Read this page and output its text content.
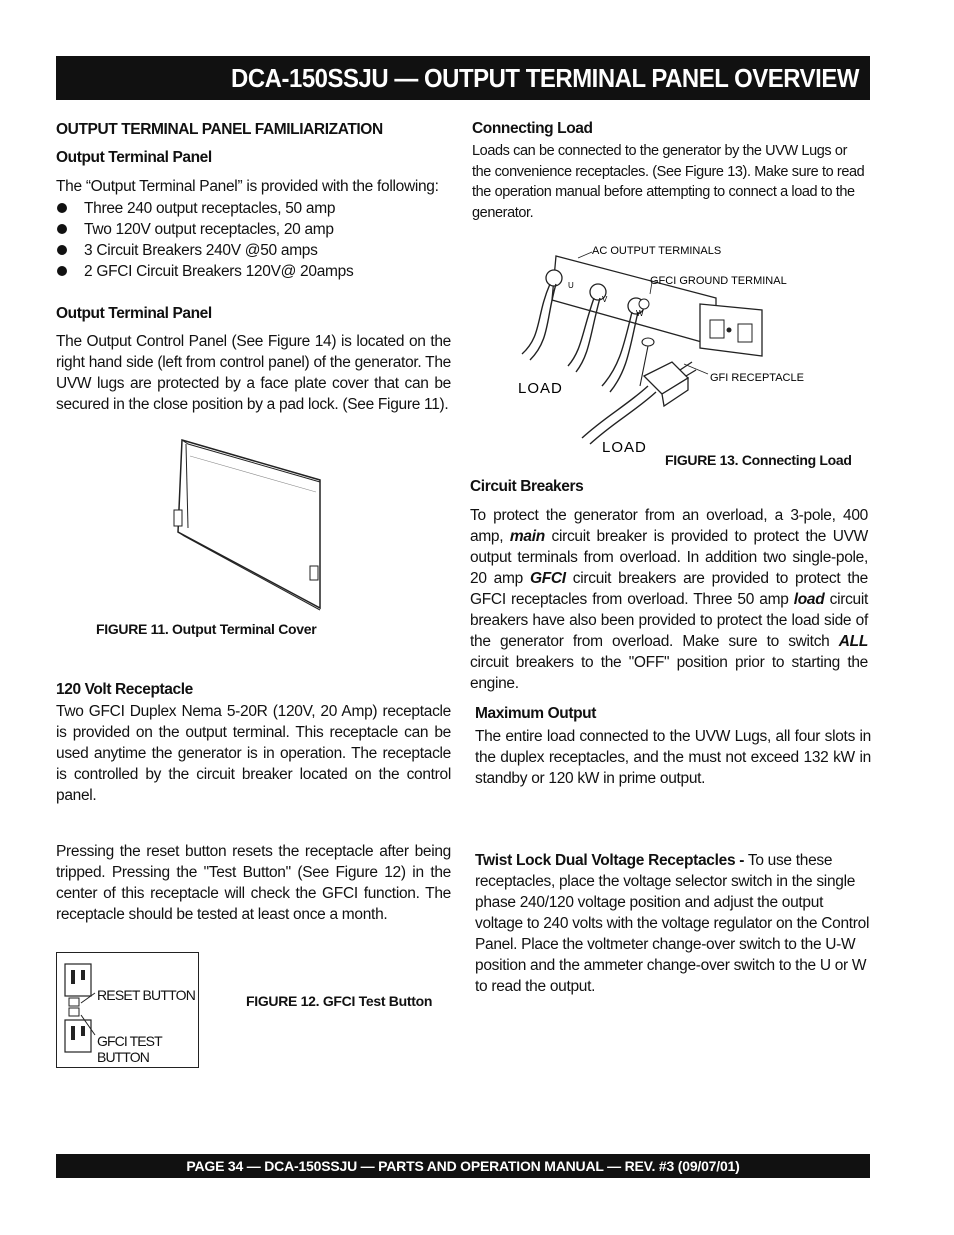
DCA-150SSJU — OUTPUT TERMINAL PANEL OVERVIEW
OUTPUT TERMINAL PANEL FAMILIARIZATION
Output Terminal Panel
The “Output Terminal Panel” is provided with the following:
Three 240 output receptacles, 50 amp
Two 120V output receptacles, 20 amp
3 Circuit Breakers 240V @50 amps
2 GFCI Circuit Breakers 120V@ 20amps
Output Terminal Panel

The Output Control Panel (See Figure 14) is located on the right hand side (left from control panel) of the generator. The UVW lugs are protected by a face plate cover that can be secured in the close position by a pad lock. (See Figure 11).

FIGURE 11. Output Terminal Cover
120 Volt Receptacle

Two GFCI Duplex Nema 5-20R (120V, 20 Amp) receptacle is provided on the output terminal. This receptacle can be used anytime the generator is in operation. The receptacle is controlled by the circuit breaker located on the control panel.

Pressing the reset button resets the receptacle after being tripped. Pressing the "Test Button" (See Figure 12) in the center of this receptacle will check the GFCI function. The receptacle should be tested at least once a month.

RESET BUTTON
GFCI TEST BUTTON
FIGURE 12. GFCI Test Button
Connecting Load

Loads can be connected to the generator by the UVW Lugs or the convenience receptacles. (See Figure 13). Make sure to read the operation manual before attempting to connect a load to the generator.

AC OUTPUT TERMINALS
GFCI GROUND TERMINAL
GFI RECEPTACLE
LOAD
LOAD
U
V
W
FIGURE 13. Connecting Load
Circuit Breakers

To protect the generator from an overload, a 3-pole, 400 amp, main circuit breaker is provided to protect the UVW output terminals from overload. In addition two single-pole, 20 amp GFCI circuit breakers are provided to protect the GFCI receptacles from overload. Three 50 amp load circuit breakers have also been provided to protect the load side of the generator from overload. Make sure to switch ALL circuit breakers to the "OFF" position prior to starting the engine.

Maximum Output

The entire load connected to the UVW Lugs, all four slots in the duplex receptacles, and the must not exceed 132 kW in standby or 120 kW in prime output.

Twist Lock Dual Voltage Receptacles - To use these receptacles, place the voltage selector switch in the single phase 240/120 voltage position and adjust the output voltage to 240 volts with the voltage regulator on the Control Panel. Place the voltmeter change-over switch to the U-W position and the ammeter change-over switch to the U or W to read the output.

PAGE 34 — DCA-150SSJU — PARTS AND OPERATION MANUAL — REV. #3 (09/07/01)
